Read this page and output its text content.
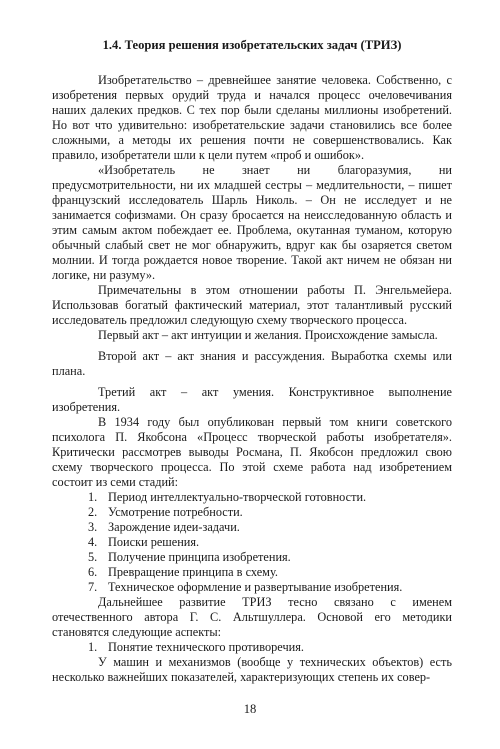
1.4. Теория решения изобретательских задач (ТРИЗ)

Изобретательство – древнейшее занятие человека. Собственно, с изобретения первых орудий труда и начался процесс очеловечивания наших далеких предков. С тех пор были сделаны миллионы изобретений. Но вот что удивительно: изобретательские задачи становились все более сложными, а методы их решения почти не совершенствовались. Как правило, изобретатели шли к цели путем «проб и ошибок».

«Изобретатель не знает ни благоразумия, ни предусмотрительности, ни их младшей сестры – медлительности, – пишет французский исследователь Шарль Николь. – Он не исследует и не занимается софизмами. Он сразу бросается на неисследованную область и этим самым актом побеждает ее. Проблема, окутанная туманом, которую обычный слабый свет не мог обнаружить, вдруг как бы озаряется светом молнии. И тогда рождается новое творение. Такой акт ничем не обязан ни логике, ни разуму».

Примечательны в этом отношении работы П. Энгельмейера. Использовав богатый фактический материал, этот талантливый русский исследователь предложил следующую схему творческого процесса.

Первый акт – акт интуиции и желания. Происхождение замысла.

Второй акт – акт знания и рассуждения. Выработка схемы или плана.

Третий акт – акт умения. Конструктивное выполнение изобретения.

В 1934 году был опубликован первый том книги советского психолога П. Якобсона «Процесс творческой работы изобретателя». Критически рассмотрев выводы Росмана, П. Якобсон предложил свою схему творческого процесса. По этой схеме работа над изобретением состоит из семи стадий:

1. Период интеллектуально-творческой готовности.
2. Усмотрение потребности.
3. Зарождение идеи-задачи.
4. Поиски решения.
5. Получение принципа изобретения.
6. Превращение принципа в схему.
7. Техническое оформление и развертывание изобретения.

Дальнейшее развитие ТРИЗ тесно связано с именем отечественного автора Г. С. Альтшуллера. Основой его методики становятся следующие аспекты:

1. Понятие технического противоречия.

У машин и механизмов (вообще у технических объектов) есть несколько важнейших показателей, характеризующих степень их совер-

18
